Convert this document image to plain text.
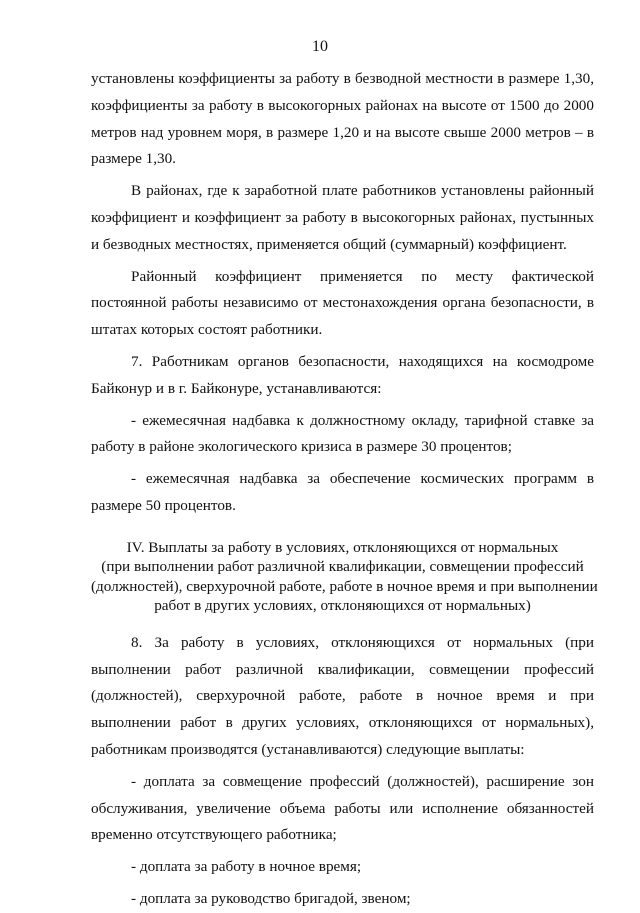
10

установлены коэффициенты за работу в безводной местности в размере 1,30, коэффициенты за работу в высокогорных районах на высоте от 1500 до 2000 метров над уровнем моря, в размере 1,20 и на высоте свыше 2000 метров – в размере 1,30.

В районах, где к заработной плате работников установлены районный коэффициент и коэффициент за работу в высокогорных районах, пустынных и безводных местностях, применяется общий (суммарный) коэффициент.

Районный коэффициент применяется по месту фактической постоянной работы независимо от местонахождения органа безопасности, в штатах которых состоят работники.

7. Работникам органов безопасности, находящихся на космодроме Байконур и в г. Байконуре, устанавливаются:

- ежемесячная надбавка к должностному окладу, тарифной ставке за работу в районе экологического кризиса в размере 30 процентов;

- ежемесячная надбавка за обеспечение космических программ в размере 50 процентов.

IV. Выплаты за работу в условиях, отклоняющихся от нормальных
(при выполнении работ различной квалификации, совмещении профессий
(должностей), сверхурочной работе, работе в ночное время и при выполнении
работ в других условиях, отклоняющихся от нормальных)

8. За работу в условиях, отклоняющихся от нормальных (при выполнении работ различной квалификации, совмещении профессий (должностей), сверхурочной работе, работе в ночное время и при выполнении работ в других условиях, отклоняющихся от нормальных), работникам производятся (устанавливаются) следующие выплаты:

- доплата за совмещение профессий (должностей), расширение зон обслуживания, увеличение объема работы или исполнение обязанностей временно отсутствующего работника;

- доплата за работу в ночное время;

- доплата за руководство бригадой, звеном;
